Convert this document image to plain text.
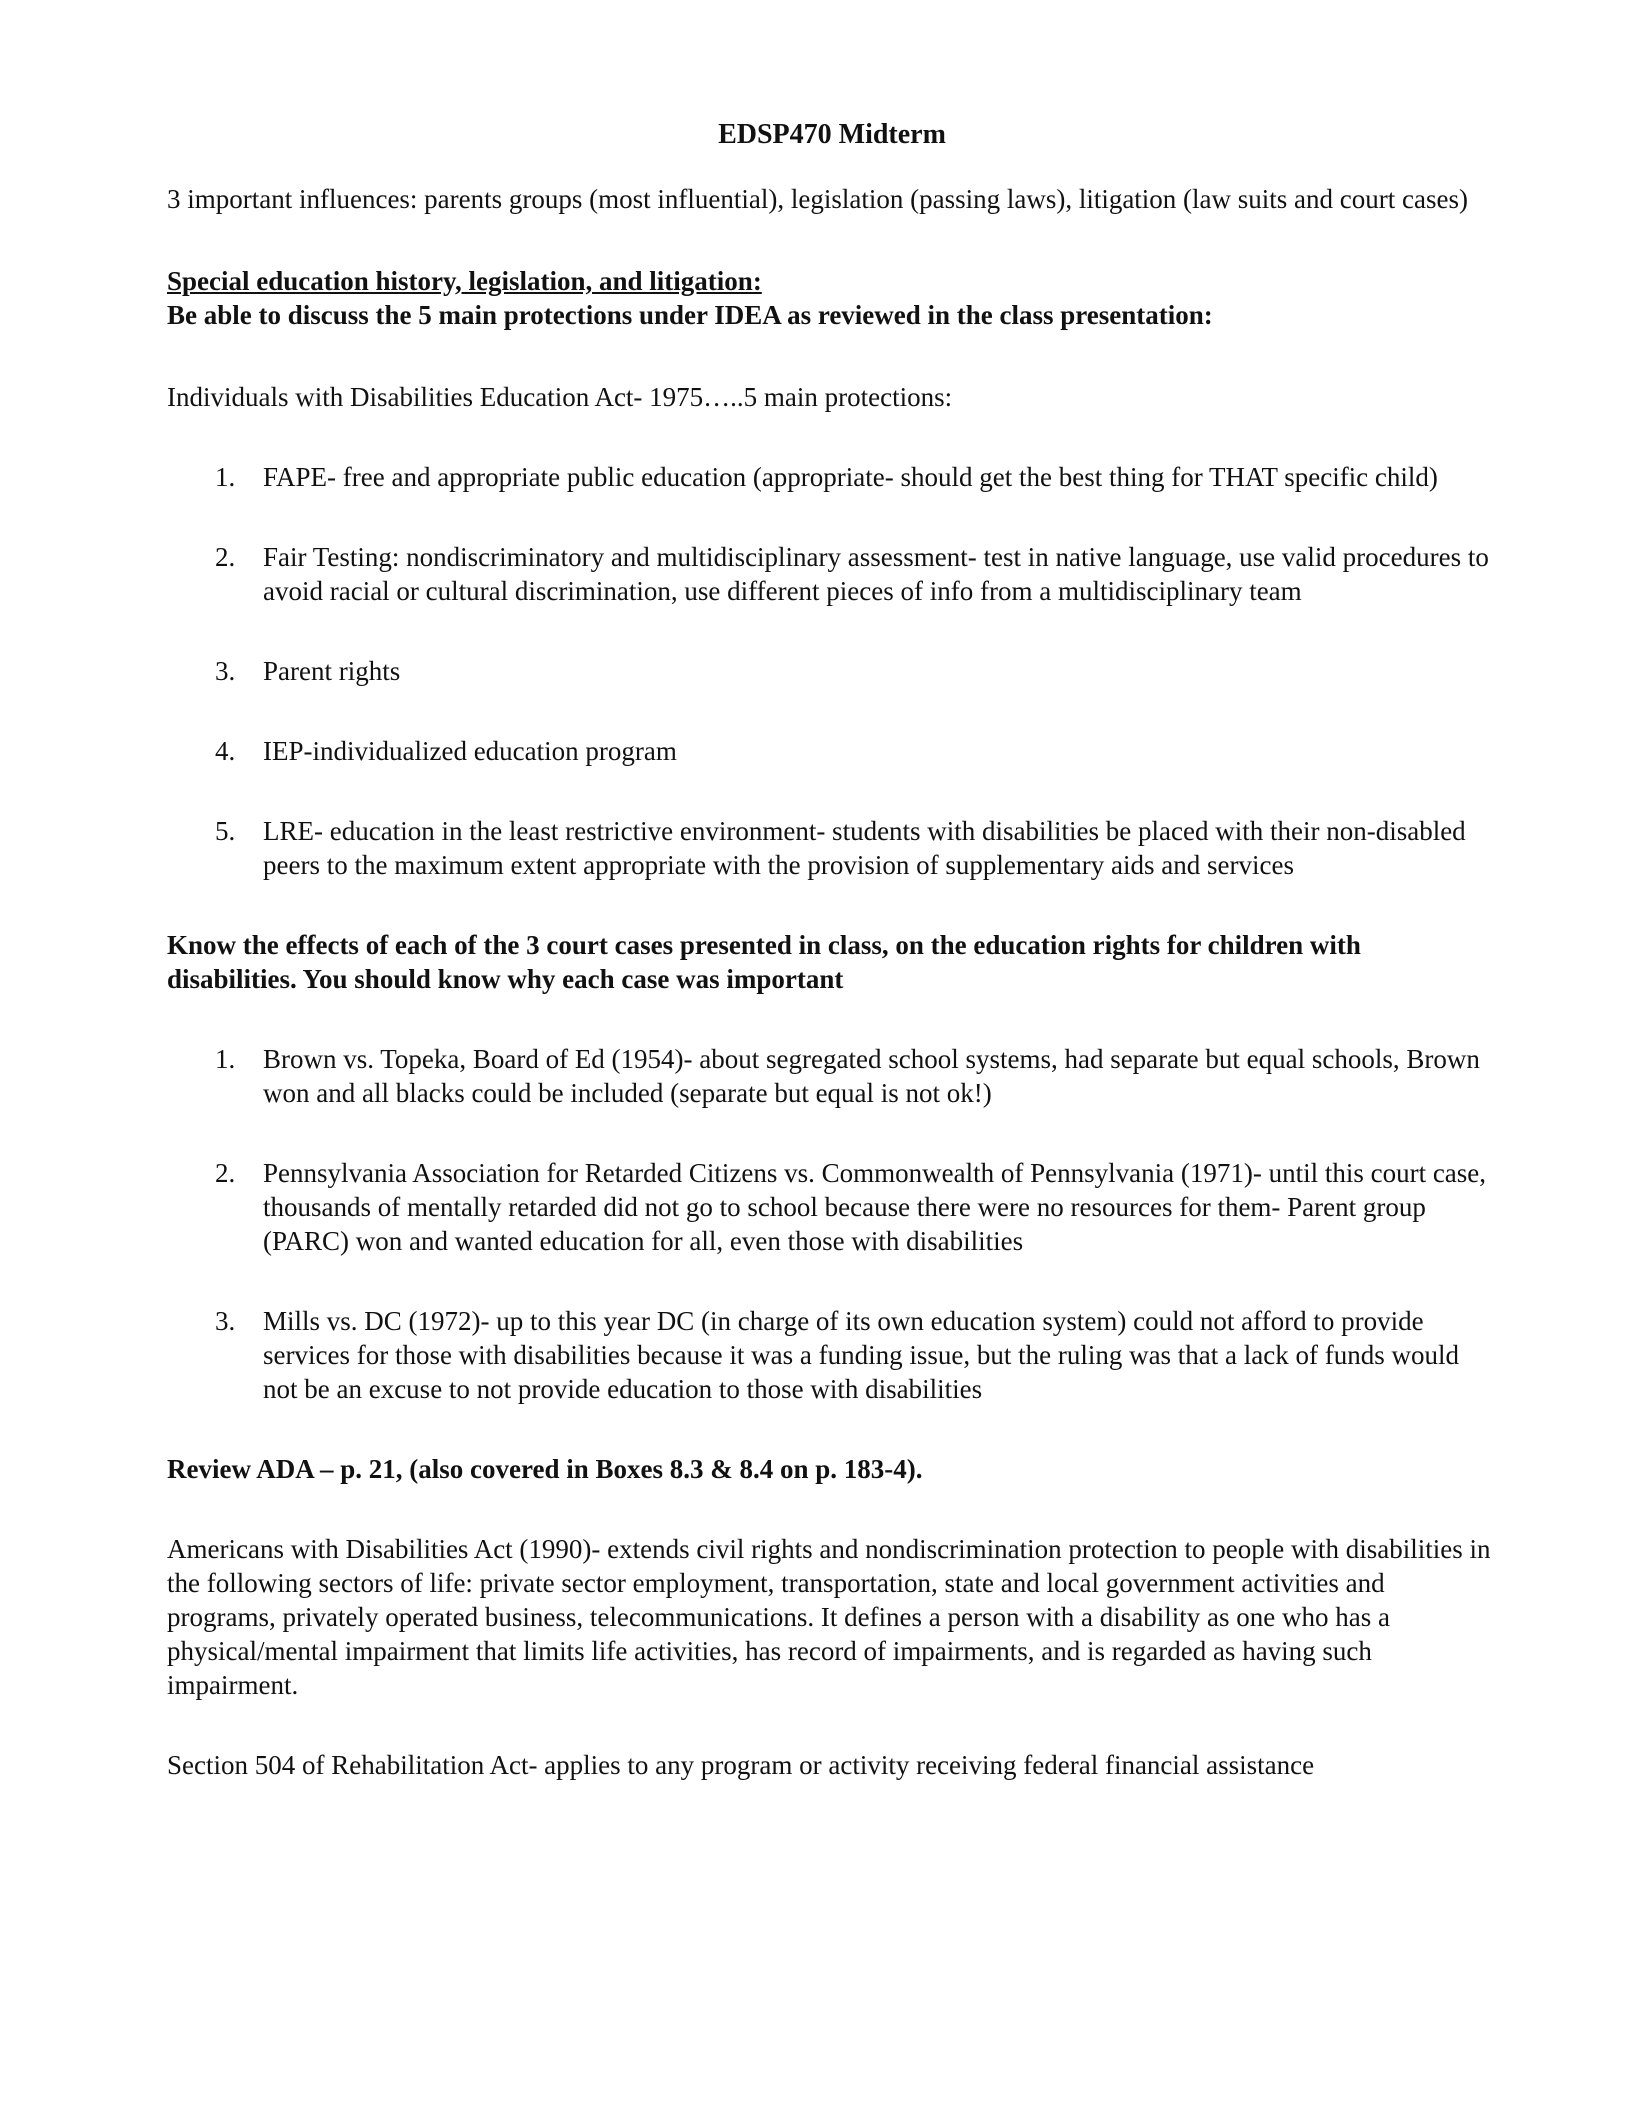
EDSP470 Midterm

3 important influences: parents groups (most influential), legislation (passing laws), litigation (law suits and court cases)

Special education history, legislation, and litigation:

Be able to discuss the 5 main protections under IDEA as reviewed in the class presentation:

Individuals with Disabilities Education Act- 1975…..5 main protections:

1. FAPE- free and appropriate public education (appropriate- should get the best thing for THAT specific child)
2. Fair Testing: nondiscriminatory and multidisciplinary assessment- test in native language, use valid procedures to avoid racial or cultural discrimination, use different pieces of info from a multidisciplinary team
3. Parent rights
4. IEP-individualized education program
5. LRE- education in the least restrictive environment- students with disabilities be placed with their non-disabled peers to the maximum extent appropriate with the provision of supplementary aids and services

Know the effects of each of the 3 court cases presented in class, on the education rights for children with disabilities. You should know why each case was important

1. Brown vs. Topeka, Board of Ed (1954)- about segregated school systems, had separate but equal schools, Brown won and all blacks could be included (separate but equal is not ok!)
2. Pennsylvania Association for Retarded Citizens vs. Commonwealth of Pennsylvania (1971)- until this court case, thousands of mentally retarded did not go to school because there were no resources for them- Parent group (PARC) won and wanted education for all, even those with disabilities
3. Mills vs. DC (1972)- up to this year DC (in charge of its own education system) could not afford to provide services for those with disabilities because it was a funding issue, but the ruling was that a lack of funds would not be an excuse to not provide education to those with disabilities

Review ADA – p. 21, (also covered in Boxes 8.3 & 8.4 on p. 183-4).

Americans with Disabilities Act (1990)- extends civil rights and nondiscrimination protection to people with disabilities in the following sectors of life: private sector employment, transportation, state and local government activities and programs, privately operated business, telecommunications. It defines a person with a disability as one who has a physical/mental impairment that limits life activities, has record of impairments, and is regarded as having such impairment.

Section 504 of Rehabilitation Act- applies to any program or activity receiving federal financial assistance
